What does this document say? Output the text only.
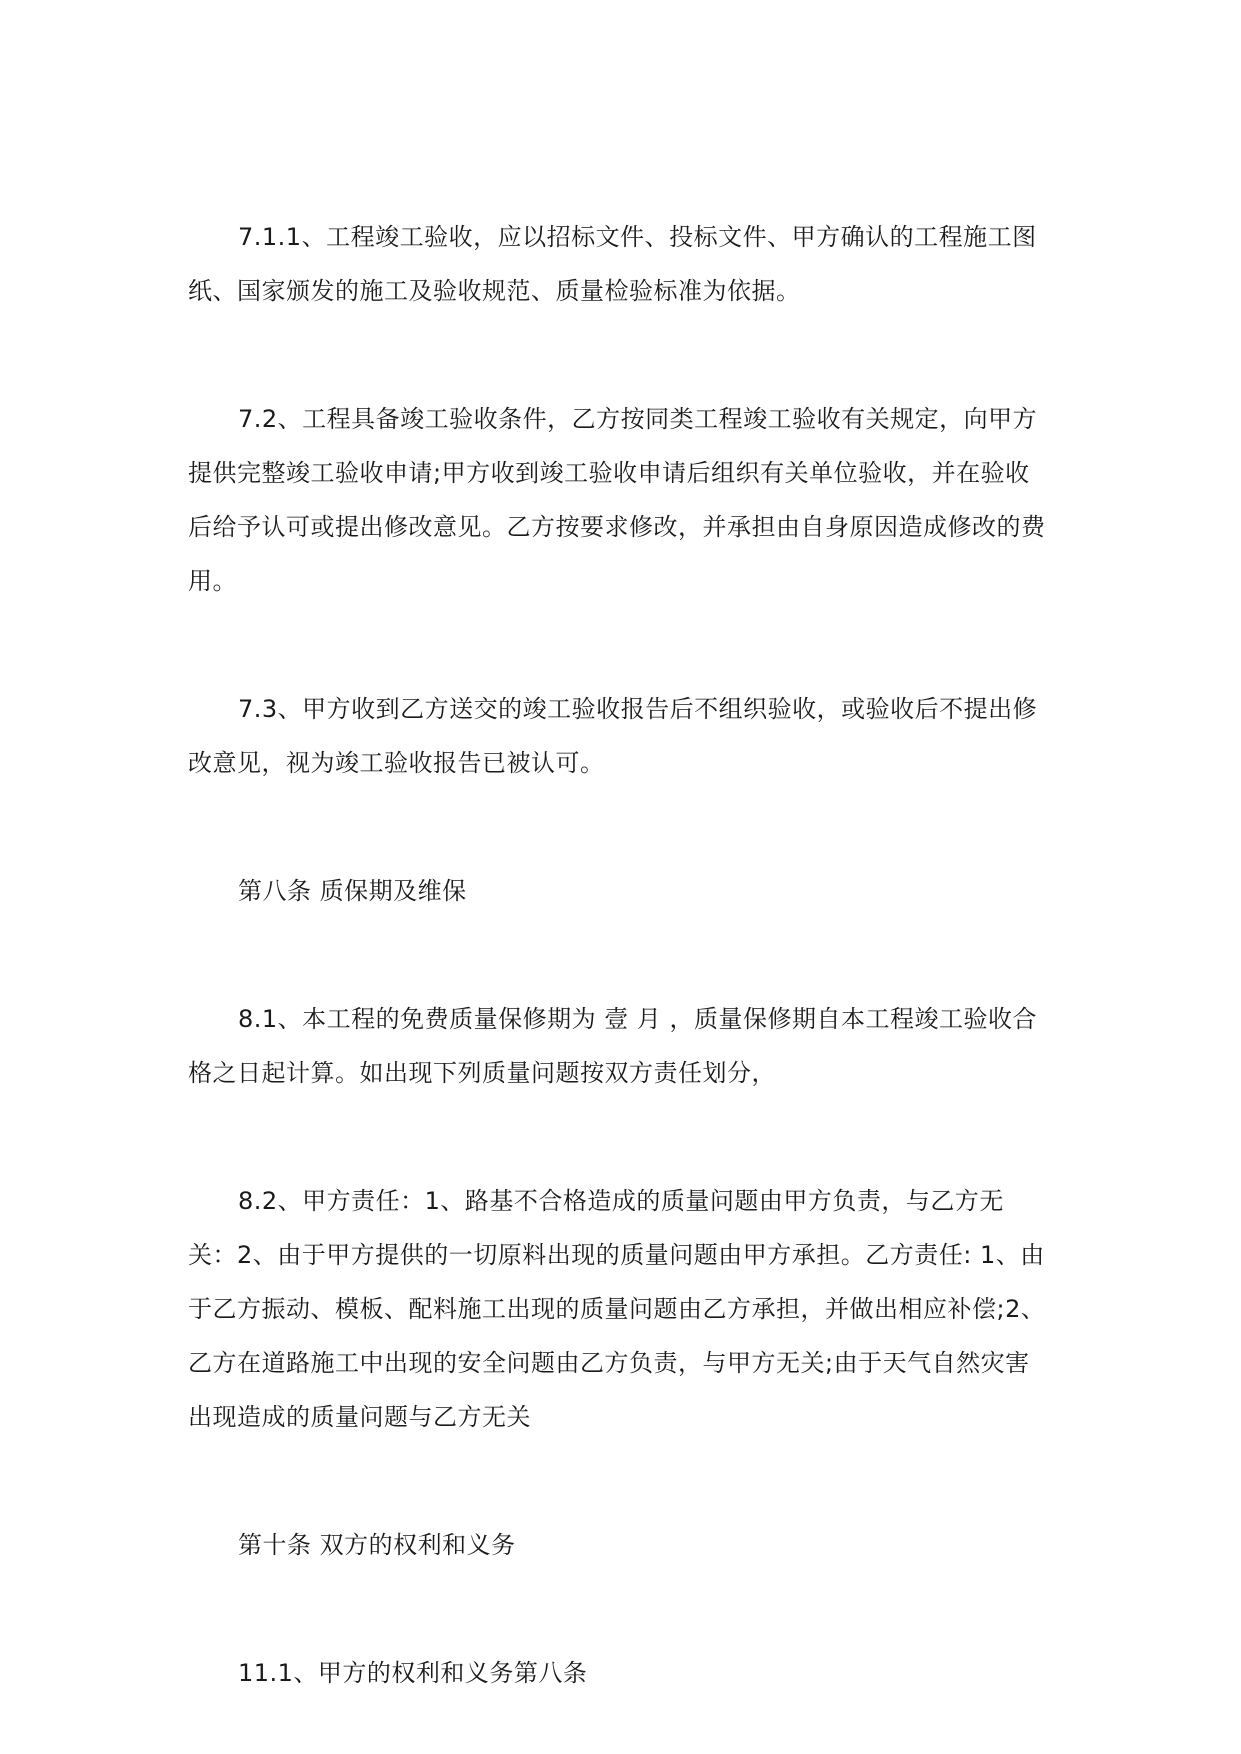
7.1.1、工程竣工验收，应以招标文件、投标文件、甲方确认的工程施工图纸、国家颁发的施工及验收规范、质量检验标准为依据。

7.2、工程具备竣工验收条件，乙方按同类工程竣工验收有关规定，向甲方提供完整竣工验收申请;甲方收到竣工验收申请后组织有关单位验收，并在验收后给予认可或提出修改意见。乙方按要求修改，并承担由自身原因造成修改的费用。

7.3、甲方收到乙方送交的竣工验收报告后不组织验收，或验收后不提出修改意见，视为竣工验收报告已被认可。

第八条 质保期及维保

8.1、本工程的免费质量保修期为 壹 月 ，质量保修期自本工程竣工验收合格之日起计算。如出现下列质量问题按双方责任划分，

8.2、甲方责任：1、路基不合格造成的质量问题由甲方负责，与乙方无关：2、由于甲方提供的一切原料出现的质量问题由甲方承担。乙方责任: 1、由于乙方振动、模板、配料施工出现的质量问题由乙方承担，并做出相应补偿;2、乙方在道路施工中出现的安全问题由乙方负责，与甲方无关;由于天气自然灾害出现造成的质量问题与乙方无关

第十条 双方的权利和义务

11.1、甲方的权利和义务第八条
